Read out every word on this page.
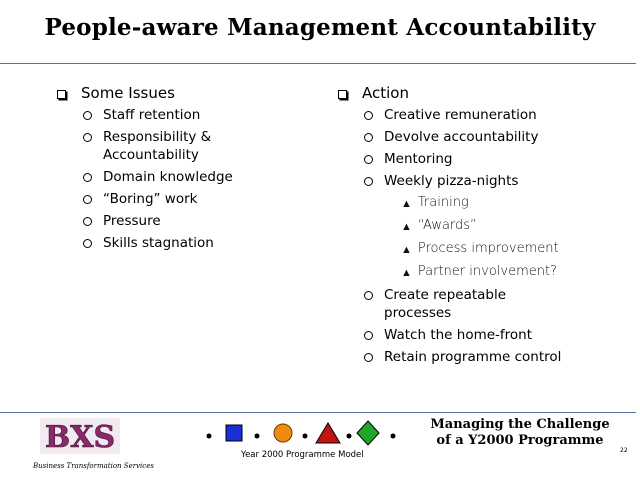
People-aware Management Accountability
Some Issues
Staff retention
Responsibility & Accountability
Domain knowledge
“Boring” work
Pressure
Skills stagnation
Action
Creative remuneration
Devolve accountability
Mentoring
Weekly pizza-nights
▲ Training
▲ “Awards”
▲ Process improvement
▲ Partner involvement?
Create repeatable processes
Watch the home-front
Retain programme control
BXS
Business Transformation Services
Year 2000 Programme Model
Managing the Challenge
of a Y2000 Programme
22
